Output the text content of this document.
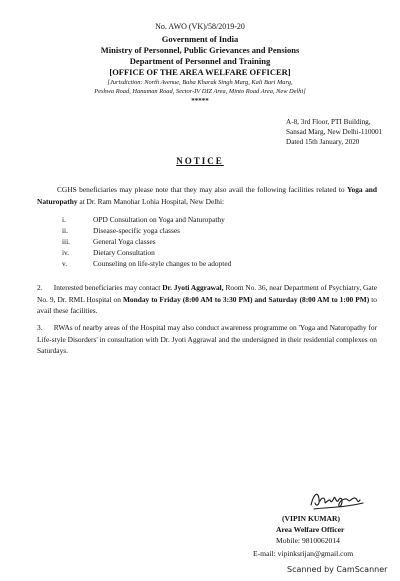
No. AWO (VK)/58/2019-20
Government of India
Ministry of Personnel, Public Grievances and Pensions
Department of Personnel and Training
[OFFICE OF THE AREA WELFARE OFFICER]
[Jurisdiction: North Avenue, Baba Kharak Singh Marg, Kali Bari Marg,
Peshwa Road, Hanuman Road, Sector-IV DIZ Area, Minto Road Area, New Delhi]
*****
A-8, 3rd Floor, PTI Building,
Sansad Marg, New Delhi-110001
Dated 15th January, 2020
NOTICE
CGHS beneficiaries may please note that they may also avail the following facilities related to Yoga and Naturopathy at Dr. Ram Manohar Lohia Hospital, New Delhi:
i.	OPD Consultation on Yoga and Naturopathy
ii.	Disease-specific yoga classes
iii.	General Yoga classes
iv.	Dietary Consultation
v.	Counseling on life-style changes to be adopted
2. Interested beneficiaries may contact Dr. Jyoti Aggrawal, Room No. 36, near Department of Psychiatry, Gate No. 9, Dr. RML Hospital on Monday to Friday (8:00 AM to 3:30 PM) and Saturday (8:00 AM to 1:00 PM) to avail these facilities.
3. RWAs of nearby areas of the Hospital may also conduct awareness programme on 'Yoga and Naturopathy for Life-style Disorders' in consultation with Dr. Jyoti Aggrawal and the undersigned in their residential complexes on Saturdays.
(VIPIN KUMAR)
Area Welfare Officer
Mobile: 9810062014
E-mail: vipinksrijan@gmail.com
Scanned by CamScanner
